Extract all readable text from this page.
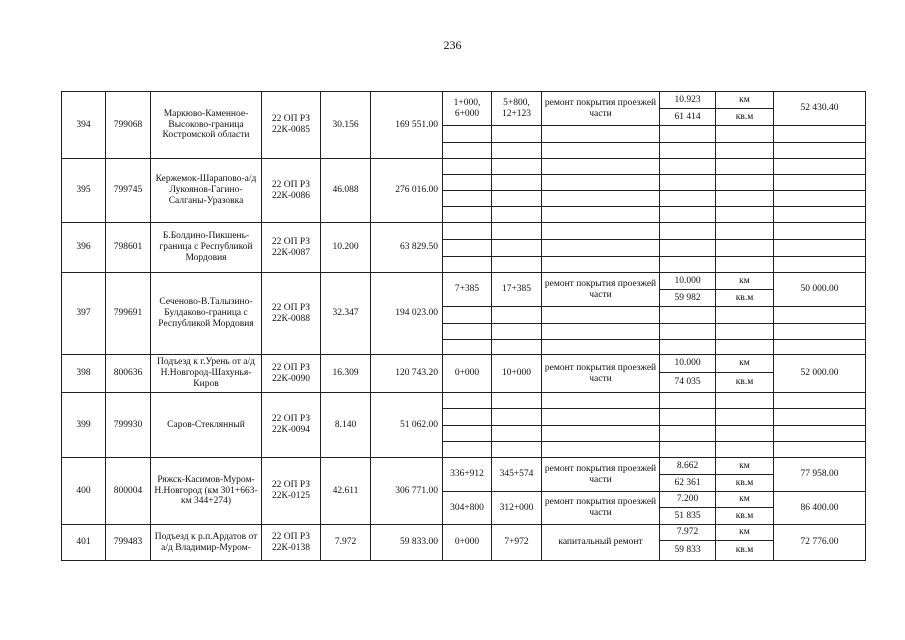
236
394	799068	Маркюво-Каменное-Высоково-граница Костромской области	22 ОП РЗ 22К-0085	30.156	169 551.00	1+000, 6+000	5+800, 12+123	ремонт покрытия проезжей части	10.923	км	52 430.40
									61 414	кв.м	

395	799745	Кержемок-Шарапово-а/д Лукоянов-Гагино-Салганы-Уразовка	22 ОП РЗ 22К-0086	46.088	276 016.00						

396	798601	Б.Болдино-Пикшень-граница с Республикой Мордовия	22 ОП РЗ 22К-0087	10.200	63 829.50						

397	799691	Сеченово-В.Талызино-Булдаково-граница с Республикой Мордовия	22 ОП РЗ 22К-0088	32.347	194 023.00	7+385	17+385	ремонт покрытия проезжей части	10.000	км	50 000.00
									59 982	кв.м	

398	800636	Подъезд к г.Урень от а/д Н.Новгород-Шахунья-Киров	22 ОП РЗ 22К-0090	16.309	120 743.20	0+000	10+000	ремонт покрытия проезжей части	10.000	км	52 000.00
									74 035	кв.м	
399	799930	Саров-Стеклянный	22 ОП РЗ 22К-0094	8.140	51 062.00						

400	800004	Ряжск-Касимов-Муром-Н.Новгород (км 301+663-км 344+274)	22 ОП РЗ 22К-0125	42.611	306 771.00	336+912	345+574	ремонт покрытия проезжей части	8.662	км	77 958.00
									62 361	кв.м	
						304+800	312+000	ремонт покрытия проезжей части	7.200	км	86 400.00
									51 835	кв.м	
401	799483	Подъезд к р.п.Ардатов от а/д Владимир-Муром-	22 ОП РЗ 22К-0138	7.972	59 833.00	0+000	7+972	капитальный ремонт	7.972	км	72 776.00
									59 833	кв.м	
